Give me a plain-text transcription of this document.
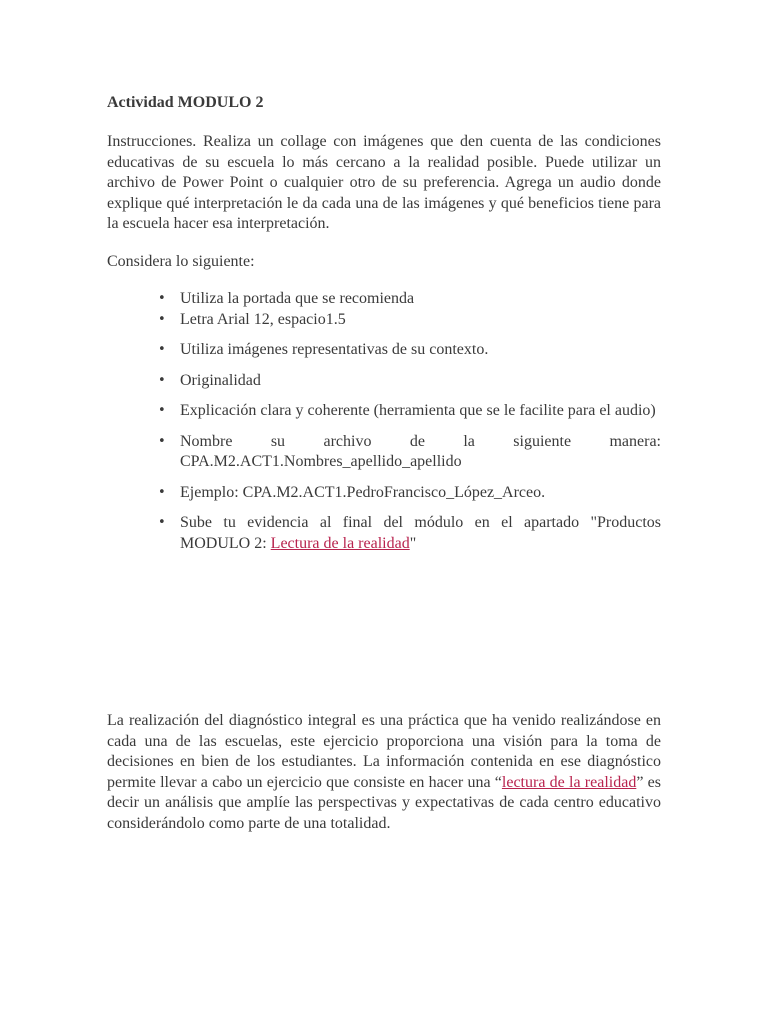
Actividad MODULO 2

Instrucciones. Realiza un collage con imágenes que den cuenta de las condiciones educativas de su escuela lo más cercano a la realidad posible. Puede utilizar un archivo de Power Point o cualquier otro de su preferencia. Agrega un audio donde explique qué interpretación le da cada una de las imágenes y qué beneficios tiene para la escuela hacer esa interpretación.

Considera lo siguiente:

• Utiliza la portada que se recomienda
• Letra Arial 12, espacio1.5
• Utiliza imágenes representativas de su contexto.
• Originalidad
• Explicación clara y coherente (herramienta que se le facilite para el audio)
• Nombre su archivo de la siguiente manera: CPA.M2.ACT1.Nombres_apellido_apellido
• Ejemplo: CPA.M2.ACT1.PedroFrancisco_López_Arceo.
• Sube tu evidencia al final del módulo en el apartado "Productos MODULO 2: Lectura de la realidad"

La realización del diagnóstico integral es una práctica que ha venido realizándose en cada una de las escuelas, este ejercicio proporciona una visión para la toma de decisiones en bien de los estudiantes. La información contenida en ese diagnóstico permite llevar a cabo un ejercicio que consiste en hacer una “lectura de la realidad” es decir un análisis que amplíe las perspectivas y expectativas de cada centro educativo considerándolo como parte de una totalidad.
